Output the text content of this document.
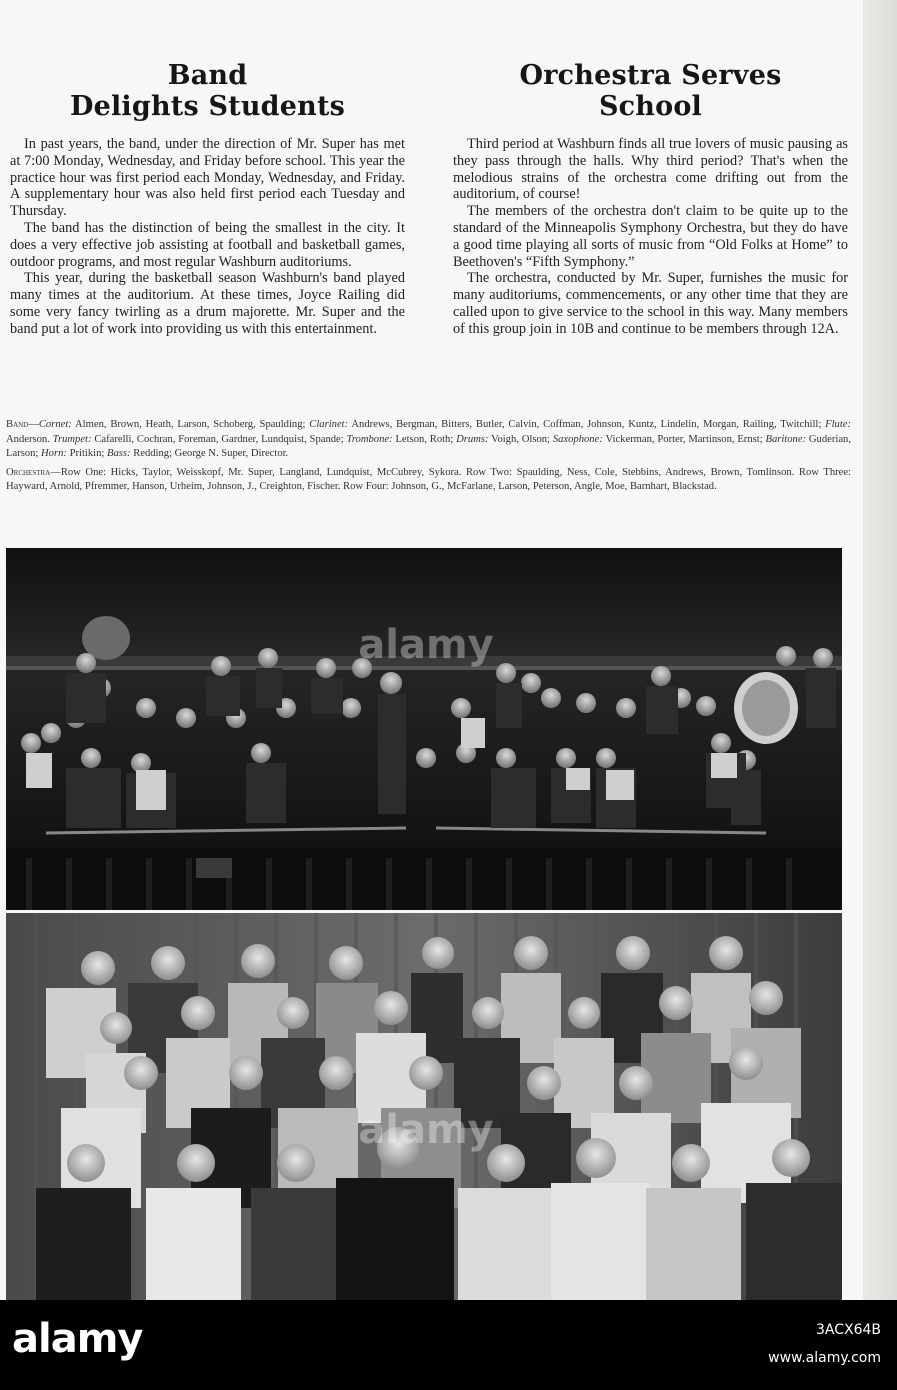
Band
Delights Students

In past years, the band, under the direction of Mr. Super has met at 7:00 Monday, Wednesday, and Friday before school. This year the practice hour was first period each Monday, Wednesday, and Friday. A supplementary hour was also held first period each Tuesday and Thursday.

The band has the distinction of being the smallest in the city. It does a very effective job assisting at football and basketball games, outdoor programs, and most regular Washburn auditoriums.

This year, during the basketball season Washburn's band played many times at the auditorium. At these times, Joyce Railing did some very fancy twirling as a drum majorette. Mr. Super and the band put a lot of work into providing us with this entertainment.

Orchestra Serves
School

Third period at Washburn finds all true lovers of music pausing as they pass through the halls. Why third period? That's when the melodious strains of the orchestra come drifting out from the auditorium, of course!

The members of the orchestra don't claim to be quite up to the standard of the Minneapolis Symphony Orchestra, but they do have a good time playing all sorts of music from “Old Folks at Home” to Beethoven's “Fifth Symphony.”

The orchestra, conducted by Mr. Super, furnishes the music for many auditoriums, commencements, or any other time that they are called upon to give service to the school in this way. Many members of this group join in 10B and continue to be members through 12A.

Band—Cornet: Almen, Brown, Heath, Larson, Schoberg, Spaulding; Clarinet: Andrews, Bergman, Bitters, Butler, Calvin, Coffman, Johnson, Kuntz, Lindelin, Morgan, Railing, Twitchill; Flute: Anderson. Trumpet: Cafarelli, Cochran, Foreman, Gardner, Lundquist, Spande; Trombone: Letson, Roth; Drums: Voigh, Olson; Saxophone: Vickerman, Porter, Martinson, Ernst; Baritone: Guderian, Larson; Horn: Pritikin; Bass: Redding; George N. Super, Director.

Orchestra—Row One: Hicks, Taylor, Weisskopf, Mr. Super, Langland, Lundquist, McCubrey, Sykora. Row Two: Spaulding, Ness, Cole, Stebbins, Andrews, Brown, Tomlinson. Row Three: Hayward, Arnold, Pfremmer, Hanson, Urheim, Johnson, J., Creighton, Fischer. Row Four: Johnson, G., McFarlane, Larson, Peterson, Angle, Moe, Barnhart, Blackstad.

alamy
alamy
alamy	3ACX64B
www.alamy.com
